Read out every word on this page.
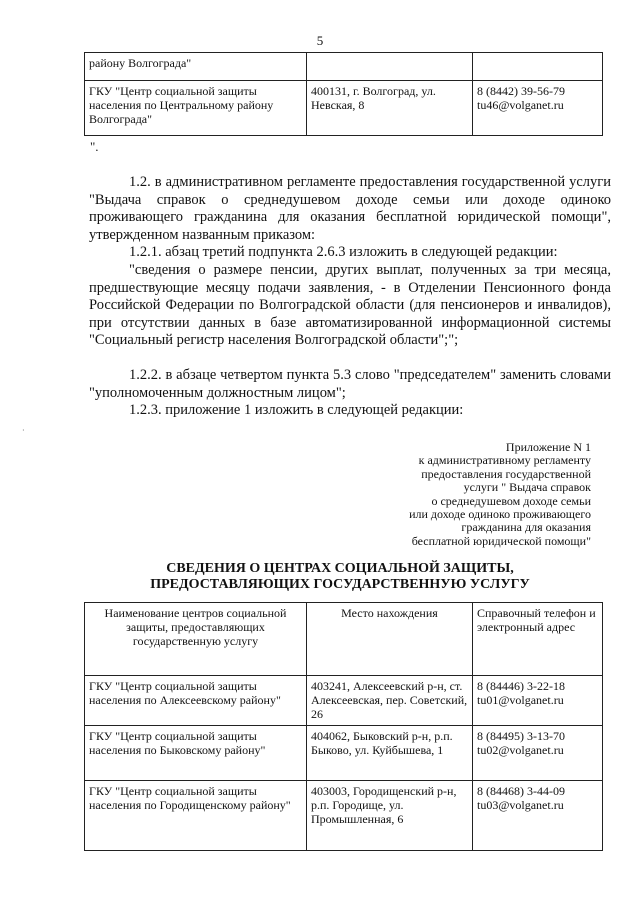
5
районy Волгограда"		
ГКУ "Центр социальной защиты населения по Центральному району Волгограда"	400131, г. Волгоград, ул. Невская, 8	8 (8442) 39-56-79 tu46@volganet.ru
".

1.2. в административном регламенте предоставления государственной услуги "Выдача справок о среднедушевом доходе семьи или доходе одиноко проживающего гражданина для оказания бесплатной юридической помощи", утвержденном названным приказом:

1.2.1. абзац третий подпункта 2.6.3 изложить в следующей редакции:

"сведения о размере пенсии, других выплат, полученных за три месяца, предшествующие месяцу подачи заявления, - в Отделении Пенсионного фонда Российской Федерации по Волгоградской области (для пенсионеров и инвалидов), при отсутствии данных в базе автоматизированной информационной системы "Социальный регистр населения Волгоградской области";";

1.2.2. в абзаце четвертом пункта 5.3 слово "председателем" заменить словами "уполномоченным должностным лицом";

1.2.3. приложение 1 изложить в следующей редакции:

·
Приложение N 1
к административному регламенту
предоставления государственной
услуги " Выдача справок
о среднедушевом доходе семьи
или доходе одиноко проживающего
гражданина для оказания
бесплатной юридической помощи"
СВЕДЕНИЯ О ЦЕНТРАХ СОЦИАЛЬНОЙ ЗАЩИТЫ,
ПРЕДОСТАВЛЯЮЩИХ ГОСУДАРСТВЕННУЮ УСЛУГУ
Наименование центров социальной защиты, предоставляющих государственную услугу	Место нахождения	Справочный телефон и электронный адрес
ГКУ "Центр социальной защиты населения по Алексеевскому району"	403241, Алексеевский р-н, ст. Алексеевская, пер. Советский, 26	8 (84446) 3-22-18 tu01@volganet.ru
ГКУ "Центр социальной защиты населения по Быковскому району"	404062, Быковский р-н, р.п. Быково, ул. Куйбышева, 1	8 (84495) 3-13-70 tu02@volganet.ru
ГКУ "Центр социальной защиты населения по Городищенскому району"	403003, Городищенский р-н, р.п. Городище, ул. Промышленная, 6	8 (84468) 3-44-09 tu03@volganet.ru
